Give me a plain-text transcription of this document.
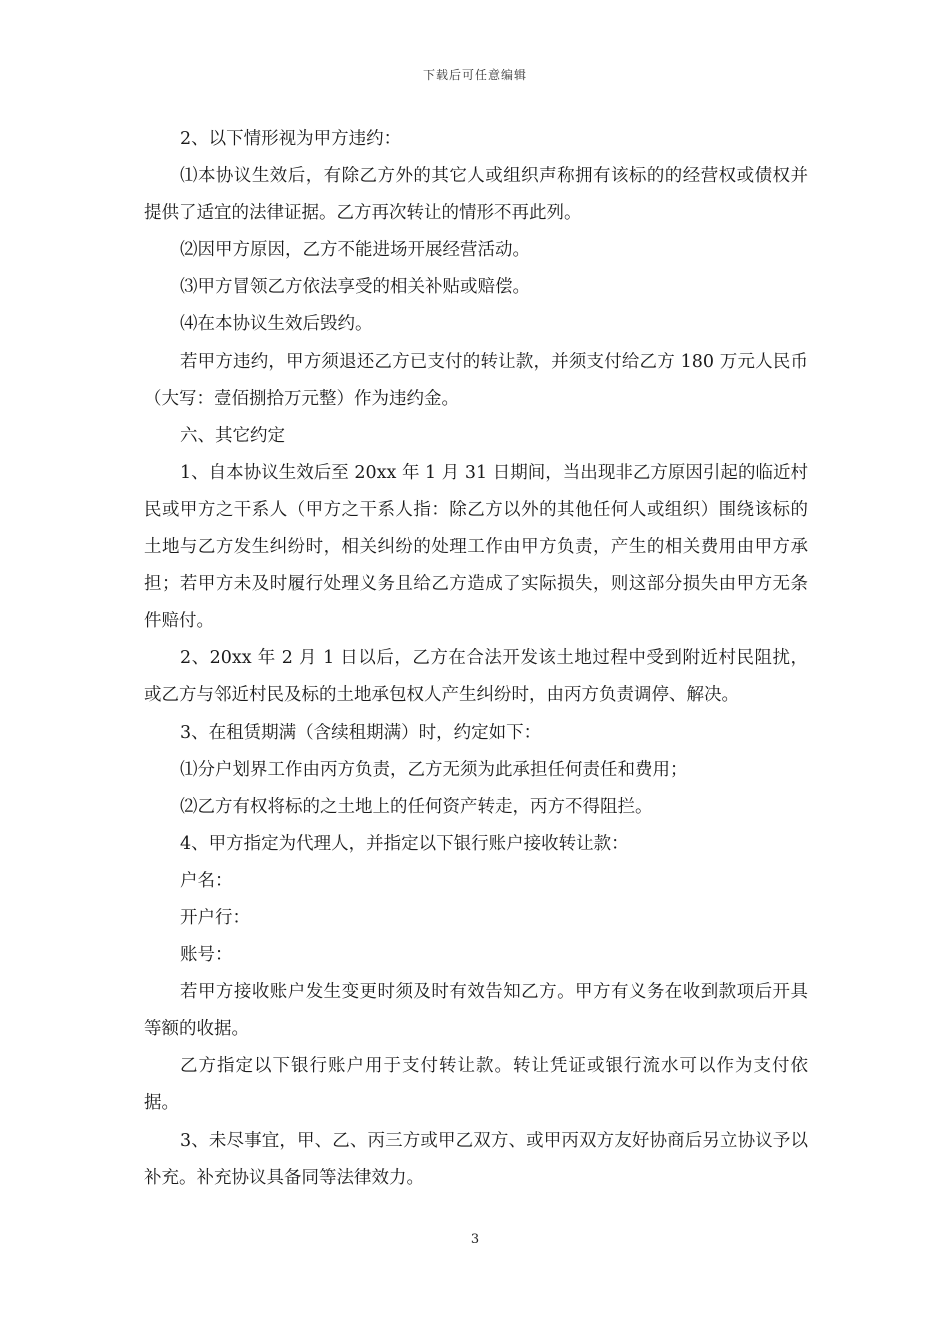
下载后可任意编辑

2、以下情形视为甲方违约：

⑴本协议生效后，有除乙方外的其它人或组织声称拥有该标的的经营权或债权并提供了适宜的法律证据。乙方再次转让的情形不再此列。

⑵因甲方原因，乙方不能进场开展经营活动。

⑶甲方冒领乙方依法享受的相关补贴或赔偿。

⑷在本协议生效后毁约。

若甲方违约，甲方须退还乙方已支付的转让款，并须支付给乙方 180 万元人民币（大写：壹佰捌拾万元整）作为违约金。

六、其它约定

1、自本协议生效后至 20xx 年 1 月 31 日期间，当出现非乙方原因引起的临近村民或甲方之干系人（甲方之干系人指：除乙方以外的其他任何人或组织）围绕该标的土地与乙方发生纠纷时，相关纠纷的处理工作由甲方负责，产生的相关费用由甲方承担；若甲方未及时履行处理义务且给乙方造成了实际损失，则这部分损失由甲方无条件赔付。

2、20xx 年 2 月 1 日以后，乙方在合法开发该土地过程中受到附近村民阻扰，或乙方与邻近村民及标的土地承包权人产生纠纷时，由丙方负责调停、解决。

3、在租赁期满（含续租期满）时，约定如下：

⑴分户划界工作由丙方负责，乙方无须为此承担任何责任和费用；

⑵乙方有权将标的之土地上的任何资产转走，丙方不得阻拦。

4、甲方指定为代理人，并指定以下银行账户接收转让款：

户名：

开户行：

账号：

若甲方接收账户发生变更时须及时有效告知乙方。甲方有义务在收到款项后开具等额的收据。

乙方指定以下银行账户用于支付转让款。转让凭证或银行流水可以作为支付依据。

3、未尽事宜，甲、乙、丙三方或甲乙双方、或甲丙双方友好协商后另立协议予以补充。补充协议具备同等法律效力。

3
